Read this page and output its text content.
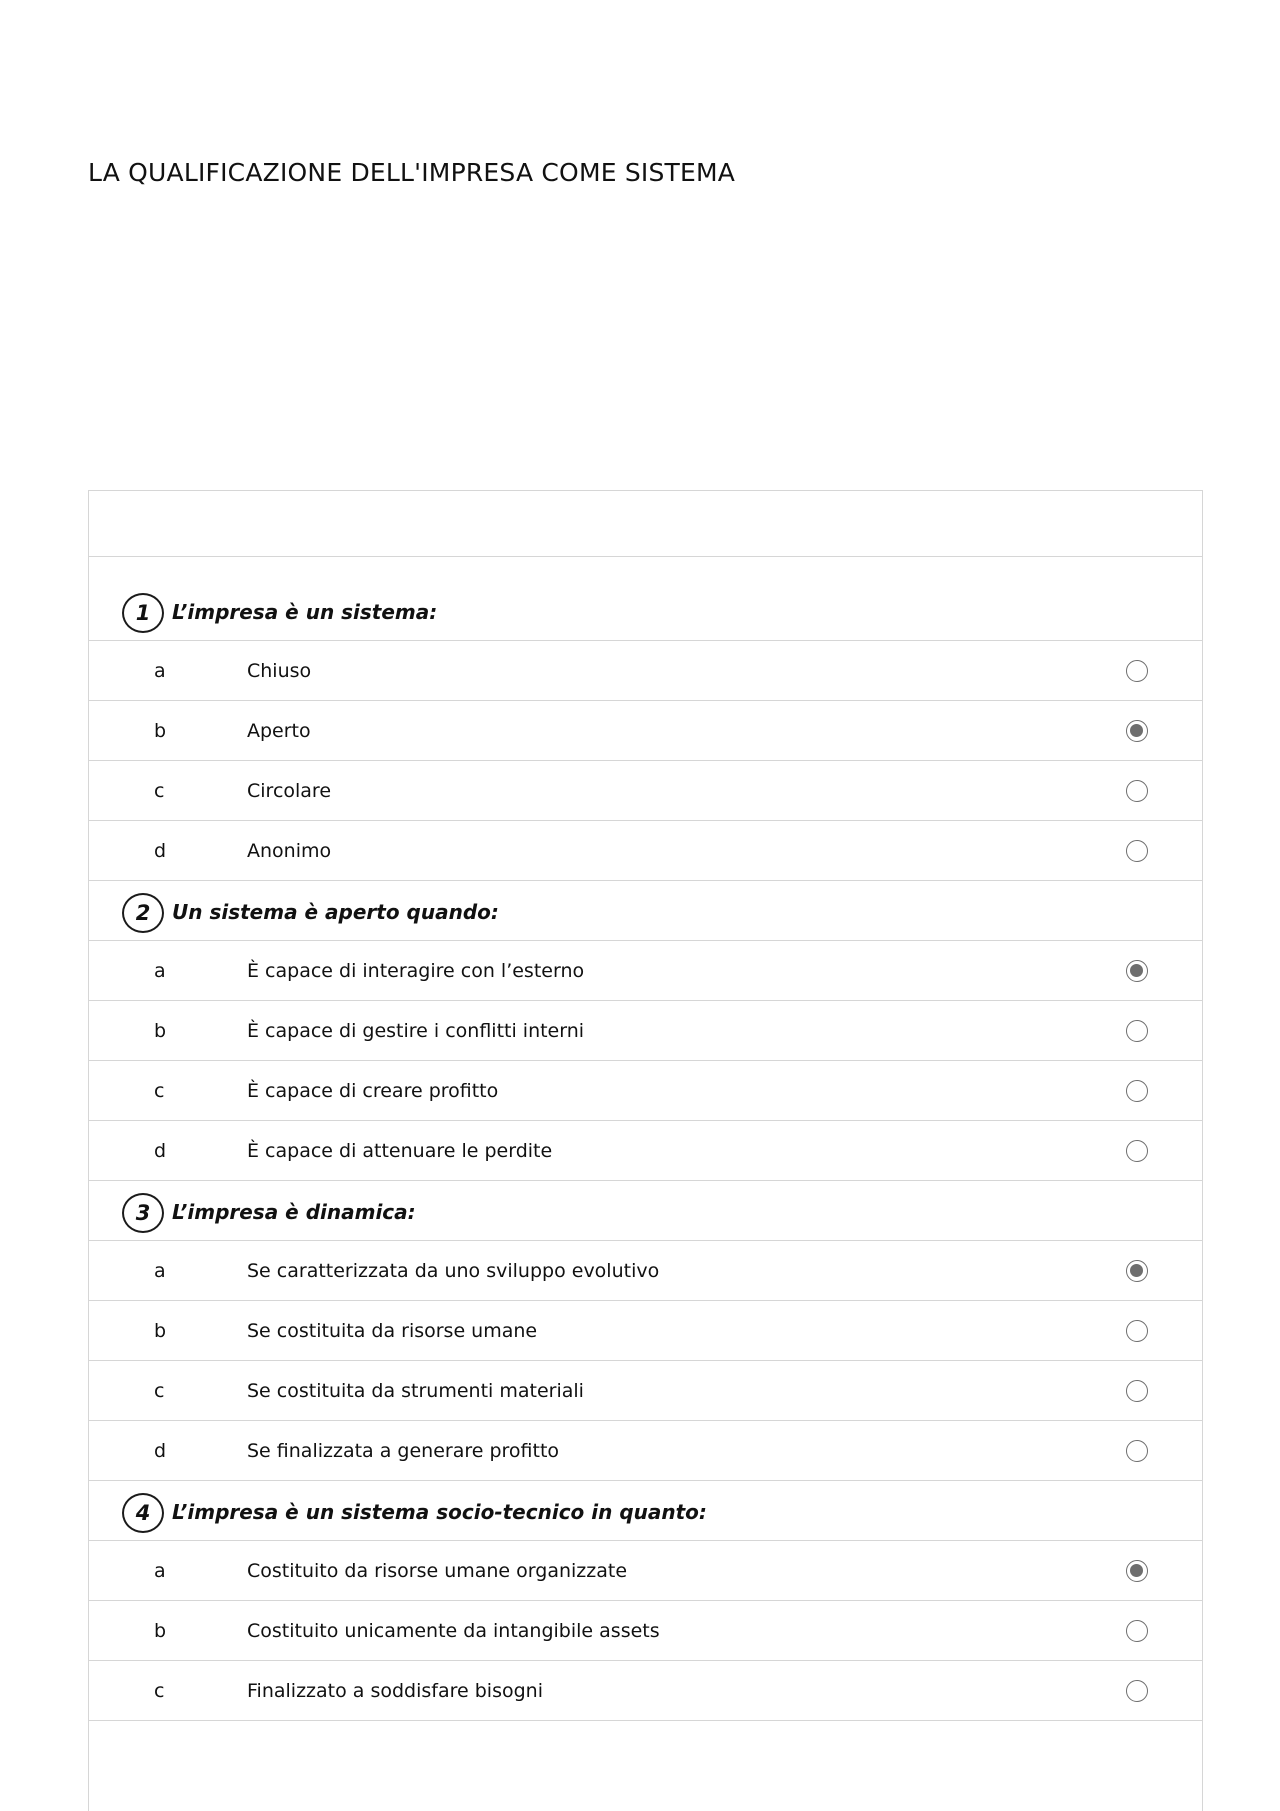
LA QUALIFICAZIONE DELL'IMPRESA COME SISTEMA
1	L’impresa è un sistema:
a	Chiuso
b	Aperto
c	Circolare
d	Anonimo
2	Un sistema è aperto quando:
a	È capace di interagire con l’esterno
b	È capace di gestire i conflitti interni
c	È capace di creare profitto
d	È capace di attenuare le perdite
3	L’impresa è dinamica:
a	Se caratterizzata da uno sviluppo evolutivo
b	Se costituita da risorse umane
c	Se costituita da strumenti materiali
d	Se finalizzata a generare profitto
4	L’impresa è un sistema socio-tecnico in quanto:
a	Costituito da risorse umane organizzate
b	Costituito unicamente da intangibile assets
c	Finalizzato a soddisfare bisogni
